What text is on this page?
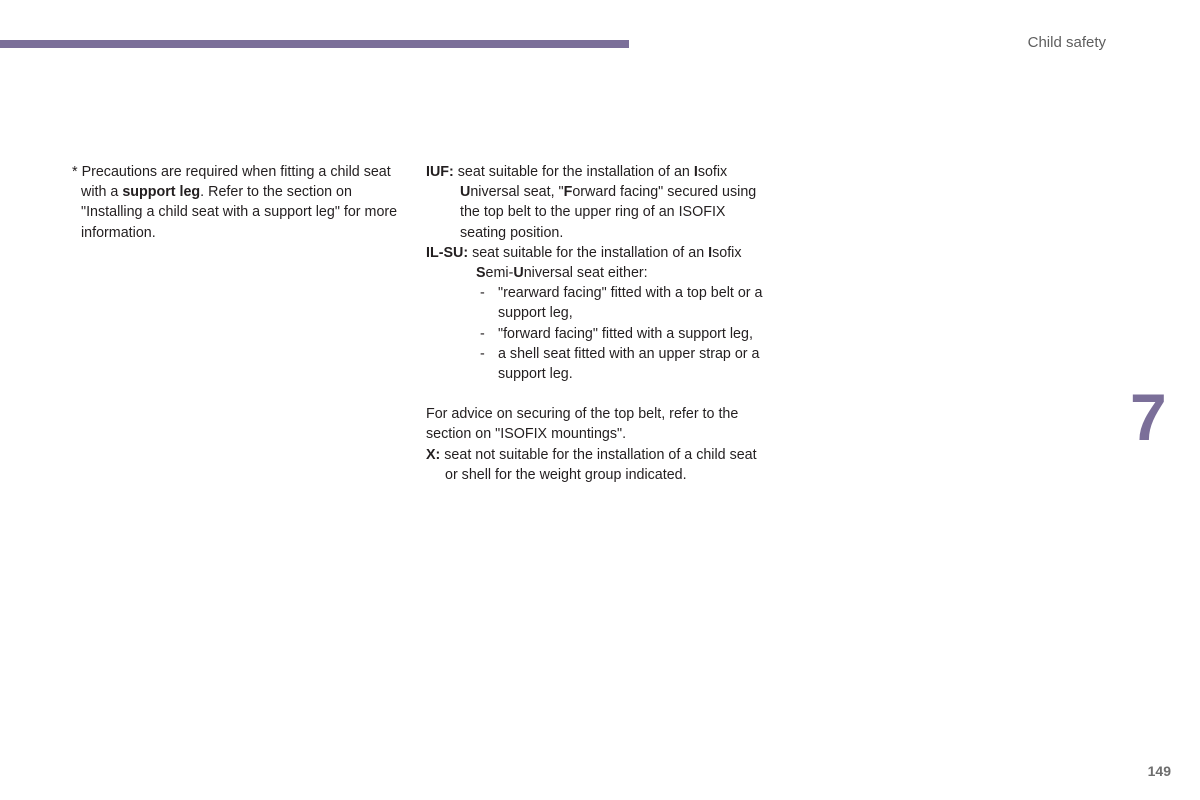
Child safety
7
149

* Precautions are required when fitting a child seat with a support leg. Refer to the section on "Installing a child seat with a support leg" for more information.

IUF: seat suitable for the installation of an Isofix Universal seat, "Forward facing" secured using the top belt to the upper ring of an ISOFIX seating position.

IL-SU: seat suitable for the installation of an Isofix Semi-Universal seat either:

- "rearward facing" fitted with a top belt or a support leg,
- "forward facing" fitted with a support leg,
- a shell seat fitted with an upper strap or a support leg.

For advice on securing of the top belt, refer to the section on "ISOFIX mountings".

X: seat not suitable for the installation of a child seat or shell for the weight group indicated.
